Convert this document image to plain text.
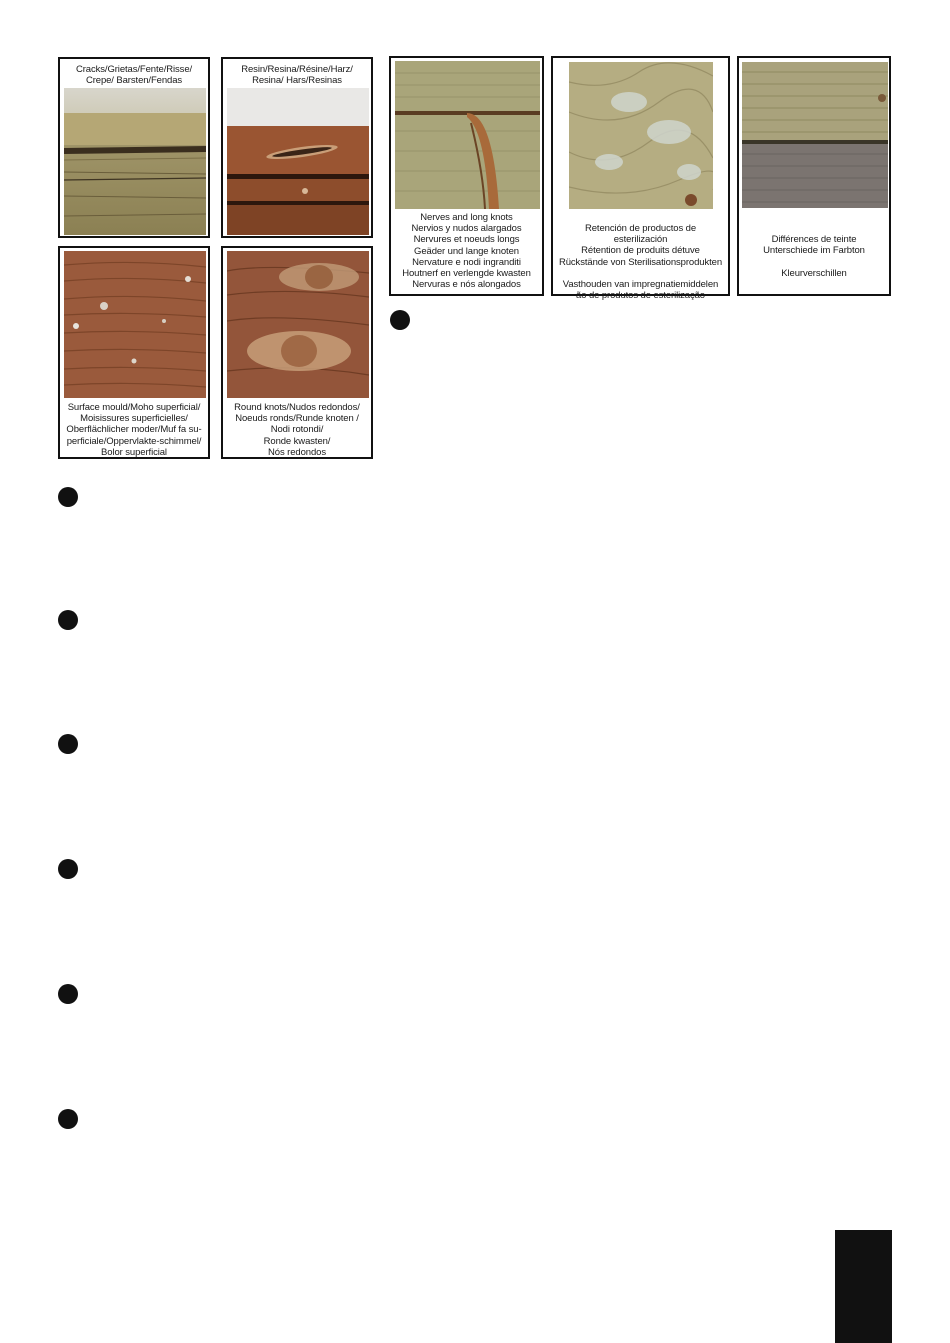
Cracks/Grietas/Fente/Risse/
Crepe/ Barsten/Fendas
Resin/Resina/Résine/Harz/
Resina/ Hars/Resinas
Surface mould/Moho superficial/
Moisissures superficielles/
Oberflächlicher moder/Muf fa su-
perficiale/Oppervlakte-schimmel/
Bolor superficial
Round knots/Nudos redondos/
Noeuds ronds/Runde knoten /
Nodi rotondi/
Ronde kwasten/
Nós redondos
Nerves and long knots
Nervios y nudos alargados
Nervures et noeuds longs
Geäder und lange knoten
Nervature e nodi ingranditi
Houtnerf en verlengde kwasten
Nervuras e nós alongados
Retención de productos de esterilización
Rétention de produits détuve
Rückstände von Sterilisationsprodukten

Vasthouden van impregnatiemiddelen
ão de produtos de esterilização
Différences de teinte
Unterschiede im Farbton

Kleurverschillen
